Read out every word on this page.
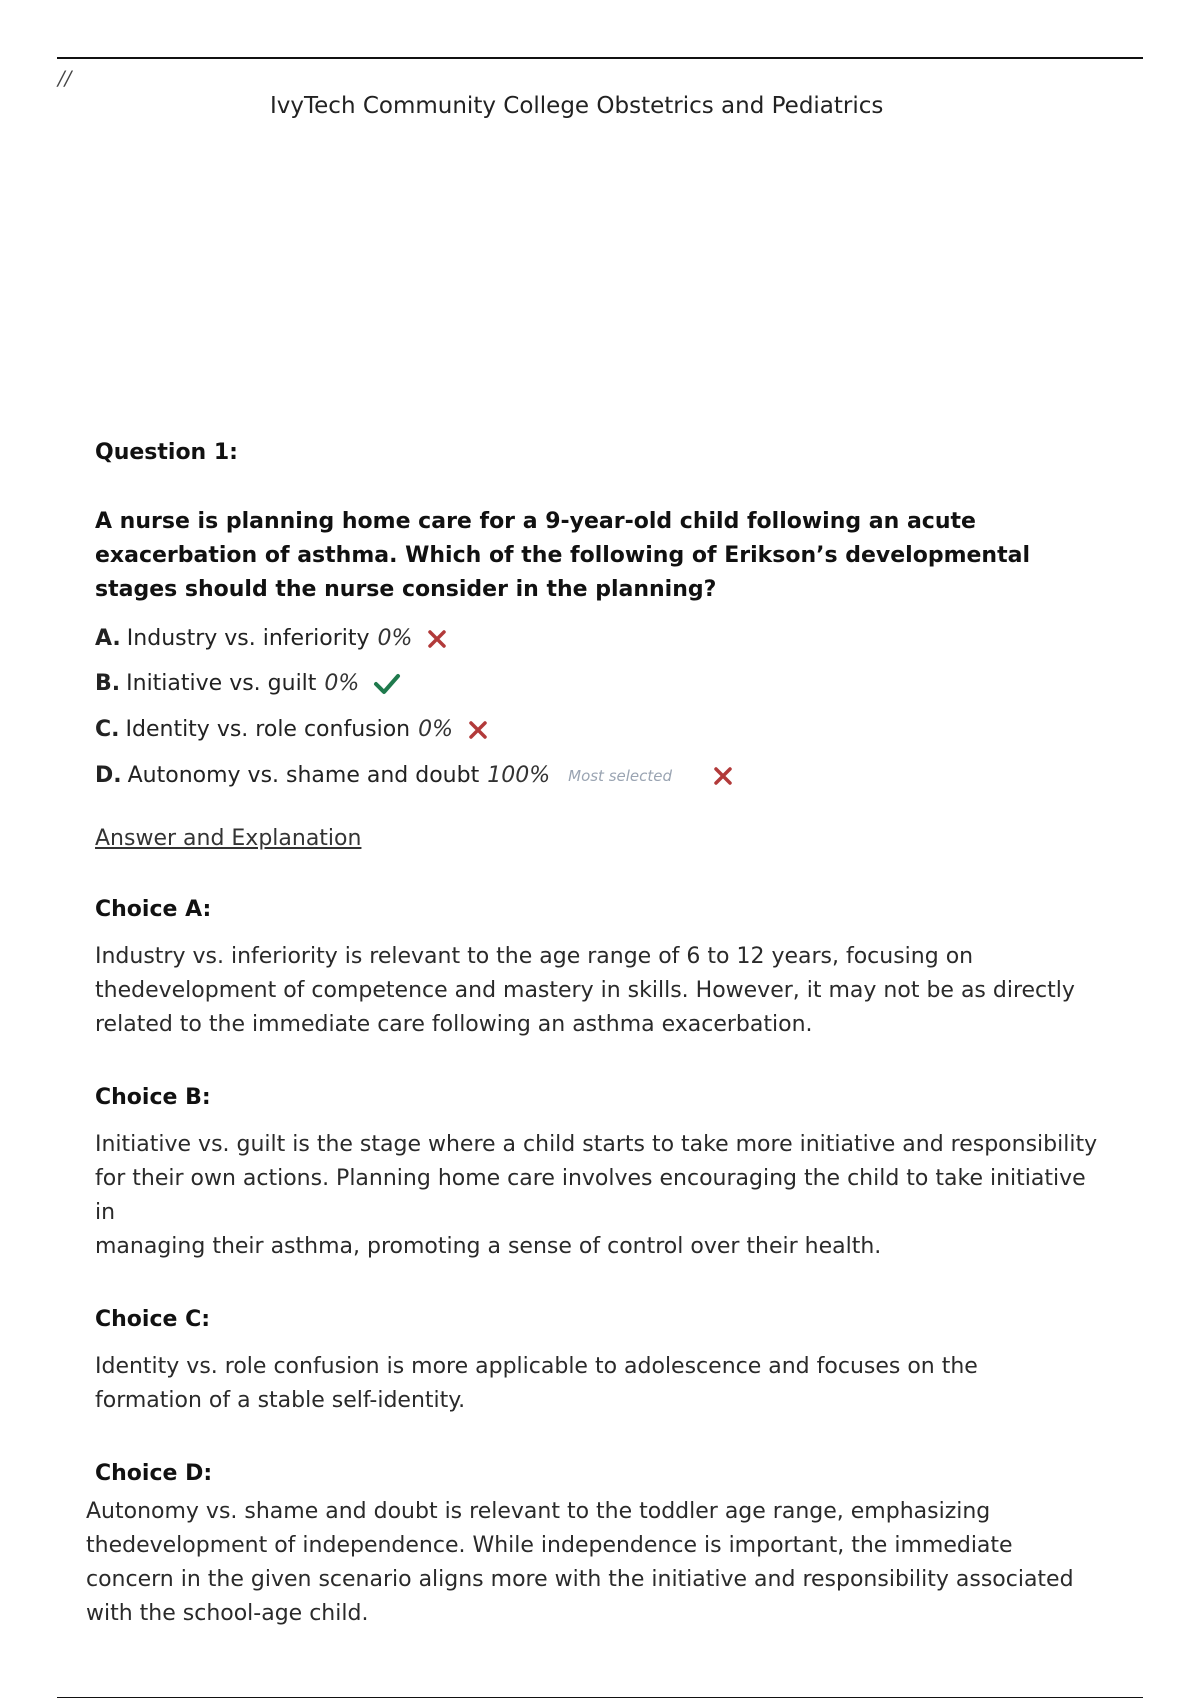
//
IvyTech Community College Obstetrics and Pediatrics
Question 1:
A nurse is planning home care for a 9-year-old child following an acute exacerbation of asthma. Which of the following of Erikson’s developmental stages should the nurse consider in the planning?
A. Industry vs. inferiority 0%
B. Initiative vs. guilt 0%
C. Identity vs. role confusion 0%
D. Autonomy vs. shame and doubt 100% Most selected
Answer and Explanation
Choice A:
Industry vs. inferiority is relevant to the age range of 6 to 12 years, focusing on
thedevelopment of competence and mastery in skills. However, it may not be as directly
related to the immediate care following an asthma exacerbation.
Choice B:
Initiative vs. guilt is the stage where a child starts to take more initiative and responsibility
for their own actions. Planning home care involves encouraging the child to take initiative
in
managing their asthma, promoting a sense of control over their health.
Choice C:
Identity vs. role confusion is more applicable to adolescence and focuses on the
formation of a stable self-identity.
Choice D:
Autonomy vs. shame and doubt is relevant to the toddler age range, emphasizing
thedevelopment of independence. While independence is important, the immediate
concern in the given scenario aligns more with the initiative and responsibility associated
with the school-age child.
